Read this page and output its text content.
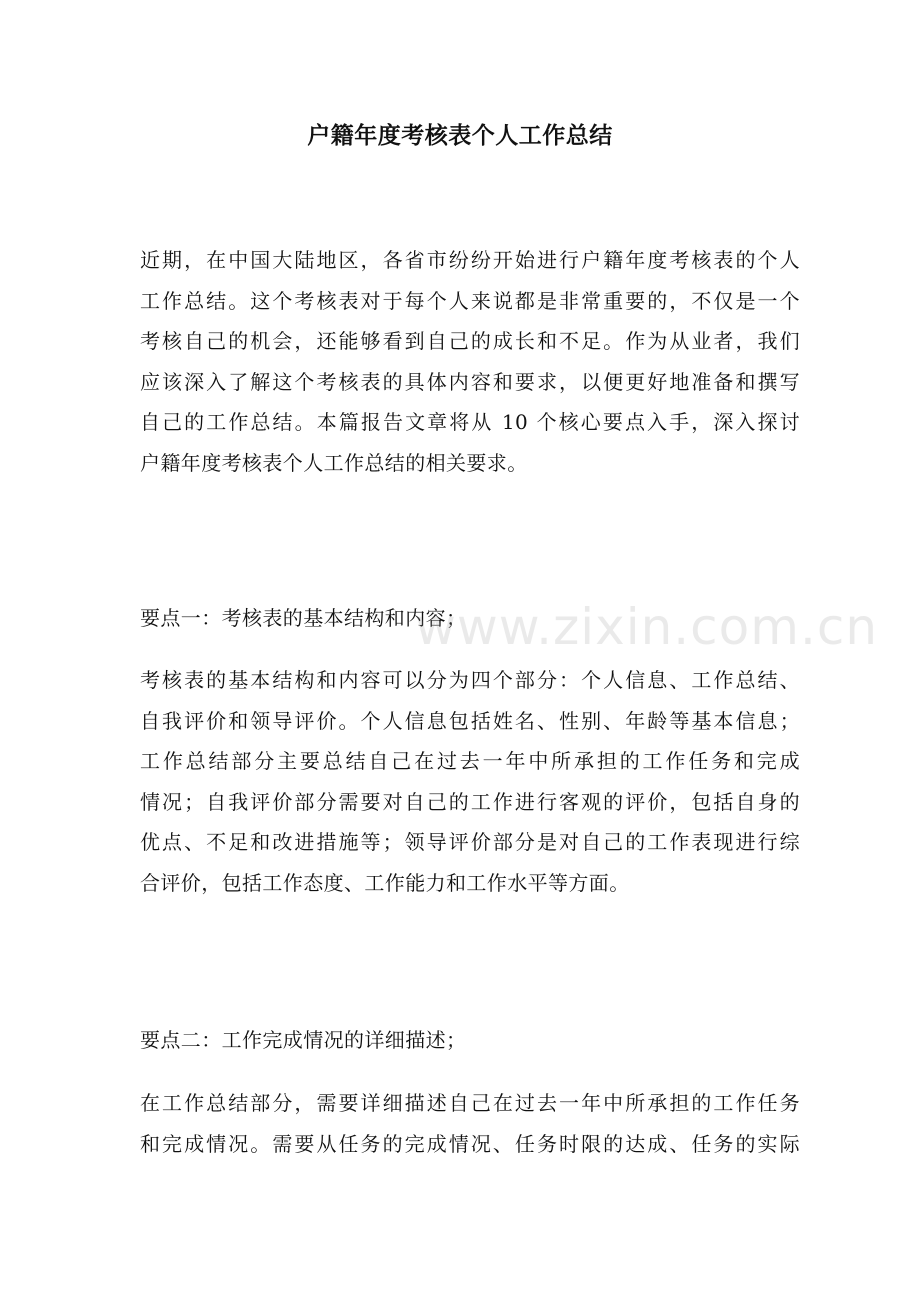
户籍年度考核表个人工作总结
近期，在中国大陆地区，各省市纷纷开始进行户籍年度考核表的个人
工作总结。这个考核表对于每个人来说都是非常重要的，不仅是一个
考核自己的机会，还能够看到自己的成长和不足。作为从业者，我们
应该深入了解这个考核表的具体内容和要求，以便更好地准备和撰写
自己的工作总结。本篇报告文章将从 10 个核心要点入手，深入探讨
户籍年度考核表个人工作总结的相关要求。
要点一：考核表的基本结构和内容；
考核表的基本结构和内容可以分为四个部分：个人信息、工作总结、
自我评价和领导评价。个人信息包括姓名、性别、年龄等基本信息；
工作总结部分主要总结自己在过去一年中所承担的工作任务和完成
情况；自我评价部分需要对自己的工作进行客观的评价，包括自身的
优点、不足和改进措施等；领导评价部分是对自己的工作表现进行综
合评价，包括工作态度、工作能力和工作水平等方面。
要点二：工作完成情况的详细描述；
在工作总结部分，需要详细描述自己在过去一年中所承担的工作任务
和完成情况。需要从任务的完成情况、任务时限的达成、任务的实际
www.zixin.com.cn
